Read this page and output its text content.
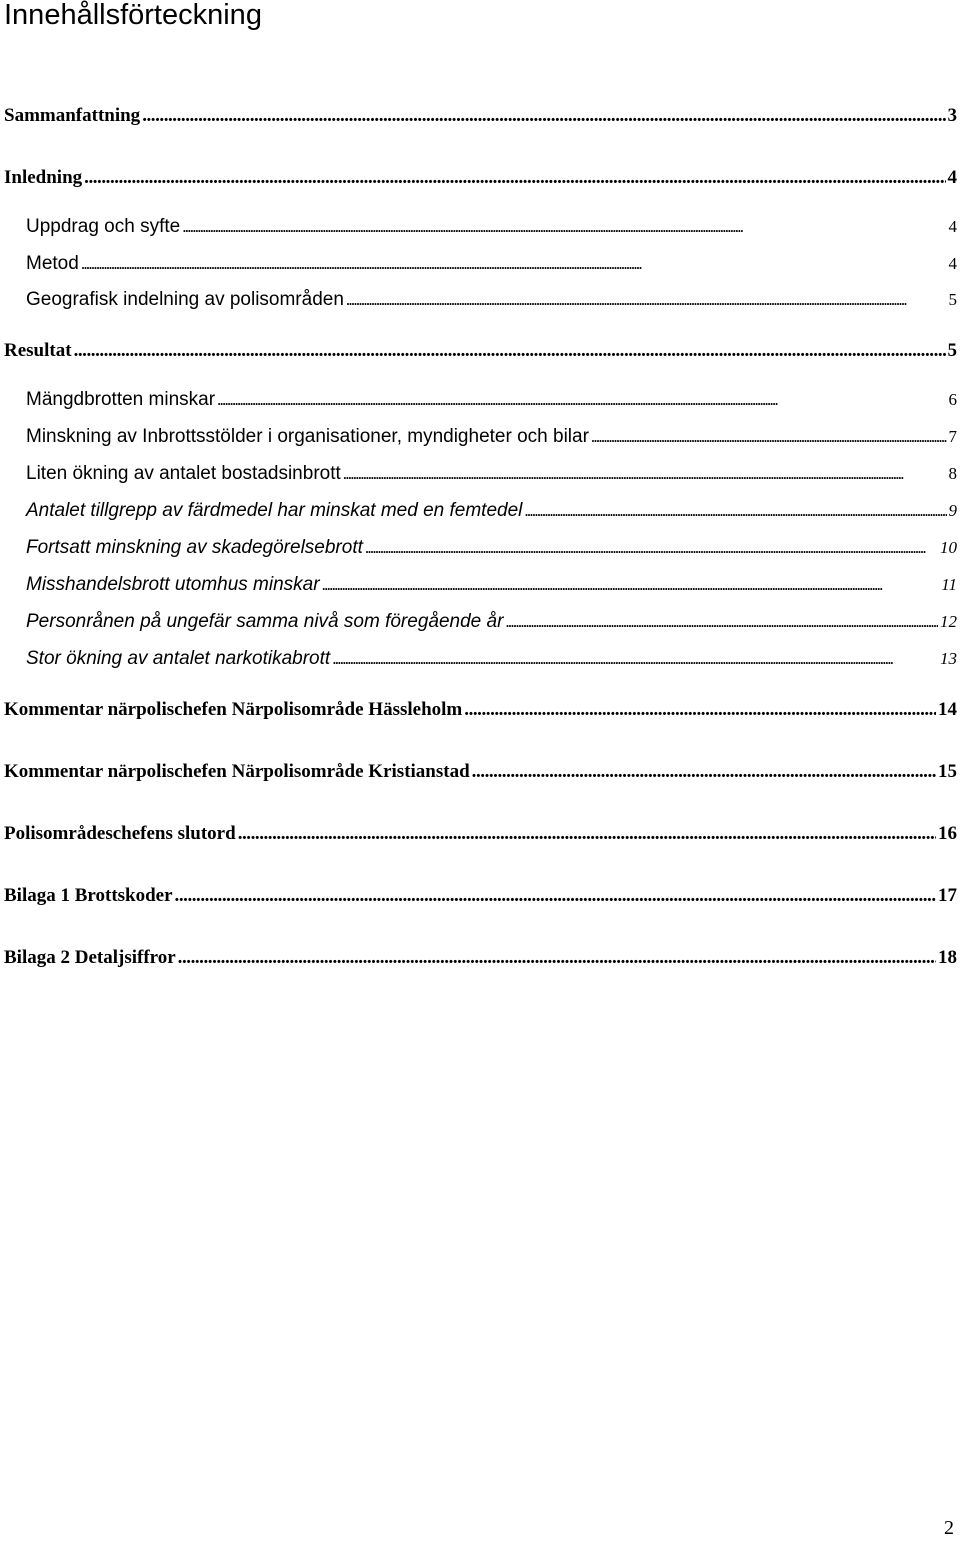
Innehållsförteckning
Sammanfattning . . .	3
Inledning . . .	4
Uppdrag och syfte . . .	4
Metod . . .	4
Geografisk indelning av polisområden . . .	5
Resultat . . .	5
Mängdbrotten minskar . . .	6
Minskning av Inbrottsstölder i organisationer, myndigheter och bilar . . .	7
Liten ökning av antalet bostadsinbrott . . .	8
Antalet tillgrepp av färdmedel har minskat med en femtedel . . .	9
Fortsatt minskning av skadegörelsebrott . . .	10
Misshandelsbrott utomhus minskar . . .	11
Personrånen på ungefär samma nivå som föregående år . . .	12
Stor ökning av antalet narkotikabrott . . .	13
Kommentar närpolischefen Närpolisområde Hässleholm . . .	14
Kommentar närpolischefen Närpolisområde Kristianstad . . .	15
Polisområdeschefens slutord . . .	16
Bilaga 1 Brottskoder . . .	17
Bilaga 2 Detaljsiffror . . .	18
2
